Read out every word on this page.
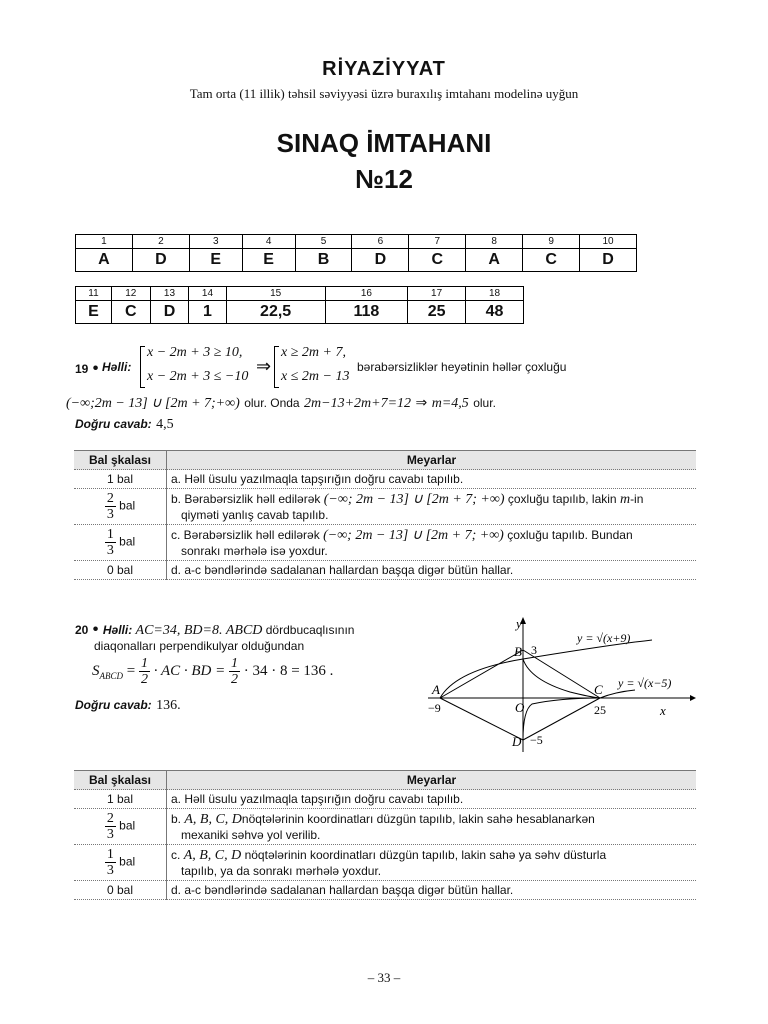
RİYAZİYYAT
Tam orta (11 illik) təhsil səviyyəsi üzrə buraxılış imtahanı modelinə uyğun
SINAQ İMTAHANI
№12
1	2	3	4	5	6	7	8	9	10
A	D	E	E	B	D	C	A	C	D
11	12	13	14	15	16	17	18
E	C	D	1	22,5	118	25	48
19 • Həlli:
x − 2m + 3 ≥ 10,
x − 2m + 3 ≤ −10
⇒
x ≥ 2m + 7,
x ≤ 2m − 13
bərabərsizliklər heyətinin həllər çoxluğu
(−∞;2m − 13] ∪ [2m + 7;+∞) olur. Onda 2m−13+2m+7=12 ⇒ m=4,5 olur.
Doğru cavab: 4,5
Bal şkalası	Meyarlar
1 bal	a. Həll üsulu yazılmaqla tapşırığın doğru cavabı tapılıb.

$\frac{2}{3}$ bal	b. Bərabərsizlik həll edilərək (−∞; 2m − 13] ∪ [2m + 7; +∞) çoxluğu tapılıb, lakin m-in
qiyməti yanlış cavab tapılıb.

$\frac{1}{3}$ bal	c. Bərabərsizlik həll edilərək (−∞; 2m − 13] ∪ [2m + 7; +∞) çoxluğu tapılıb. Bundan
sonrakı mərhələ isə yoxdur.

0 bal	d. a-c bəndlərində sadalanan hallardan başqa digər bütün hallar.
20 • Həlli: AC=34, BD=8. ABCD dördbucaqlısının
diaqonalları perpendikulyar olduğundan
$S_{ABCD} = \frac{1}{2}$ · AC · BD = $\frac{1}{2} \cdot 34 \cdot 8 = 136$ .
Doğru cavab: 136.
A
B
C
D
O
−9	25
3
−5
x
y
y = √(x+9)
y = √(x−5)
Bal şkalası	Meyarlar
1 bal	a. Həll üsulu yazılmaqla tapşırığın doğru cavabı tapılıb.

$\frac{2}{3}$ bal	b. A, B, C, Dnöqtələrinin koordinatları düzgün tapılıb, lakin sahə hesablanarkən
mexaniki səhvə yol verilib.

$\frac{1}{3}$ bal	c. A, B, C, D nöqtələrinin koordinatları düzgün tapılıb, lakin sahə ya səhv düsturla
tapılıb, ya da sonrakı mərhələ yoxdur.

0 bal	d. a-c bəndlərində sadalanan hallardan başqa digər bütün hallar.
– 33 –
